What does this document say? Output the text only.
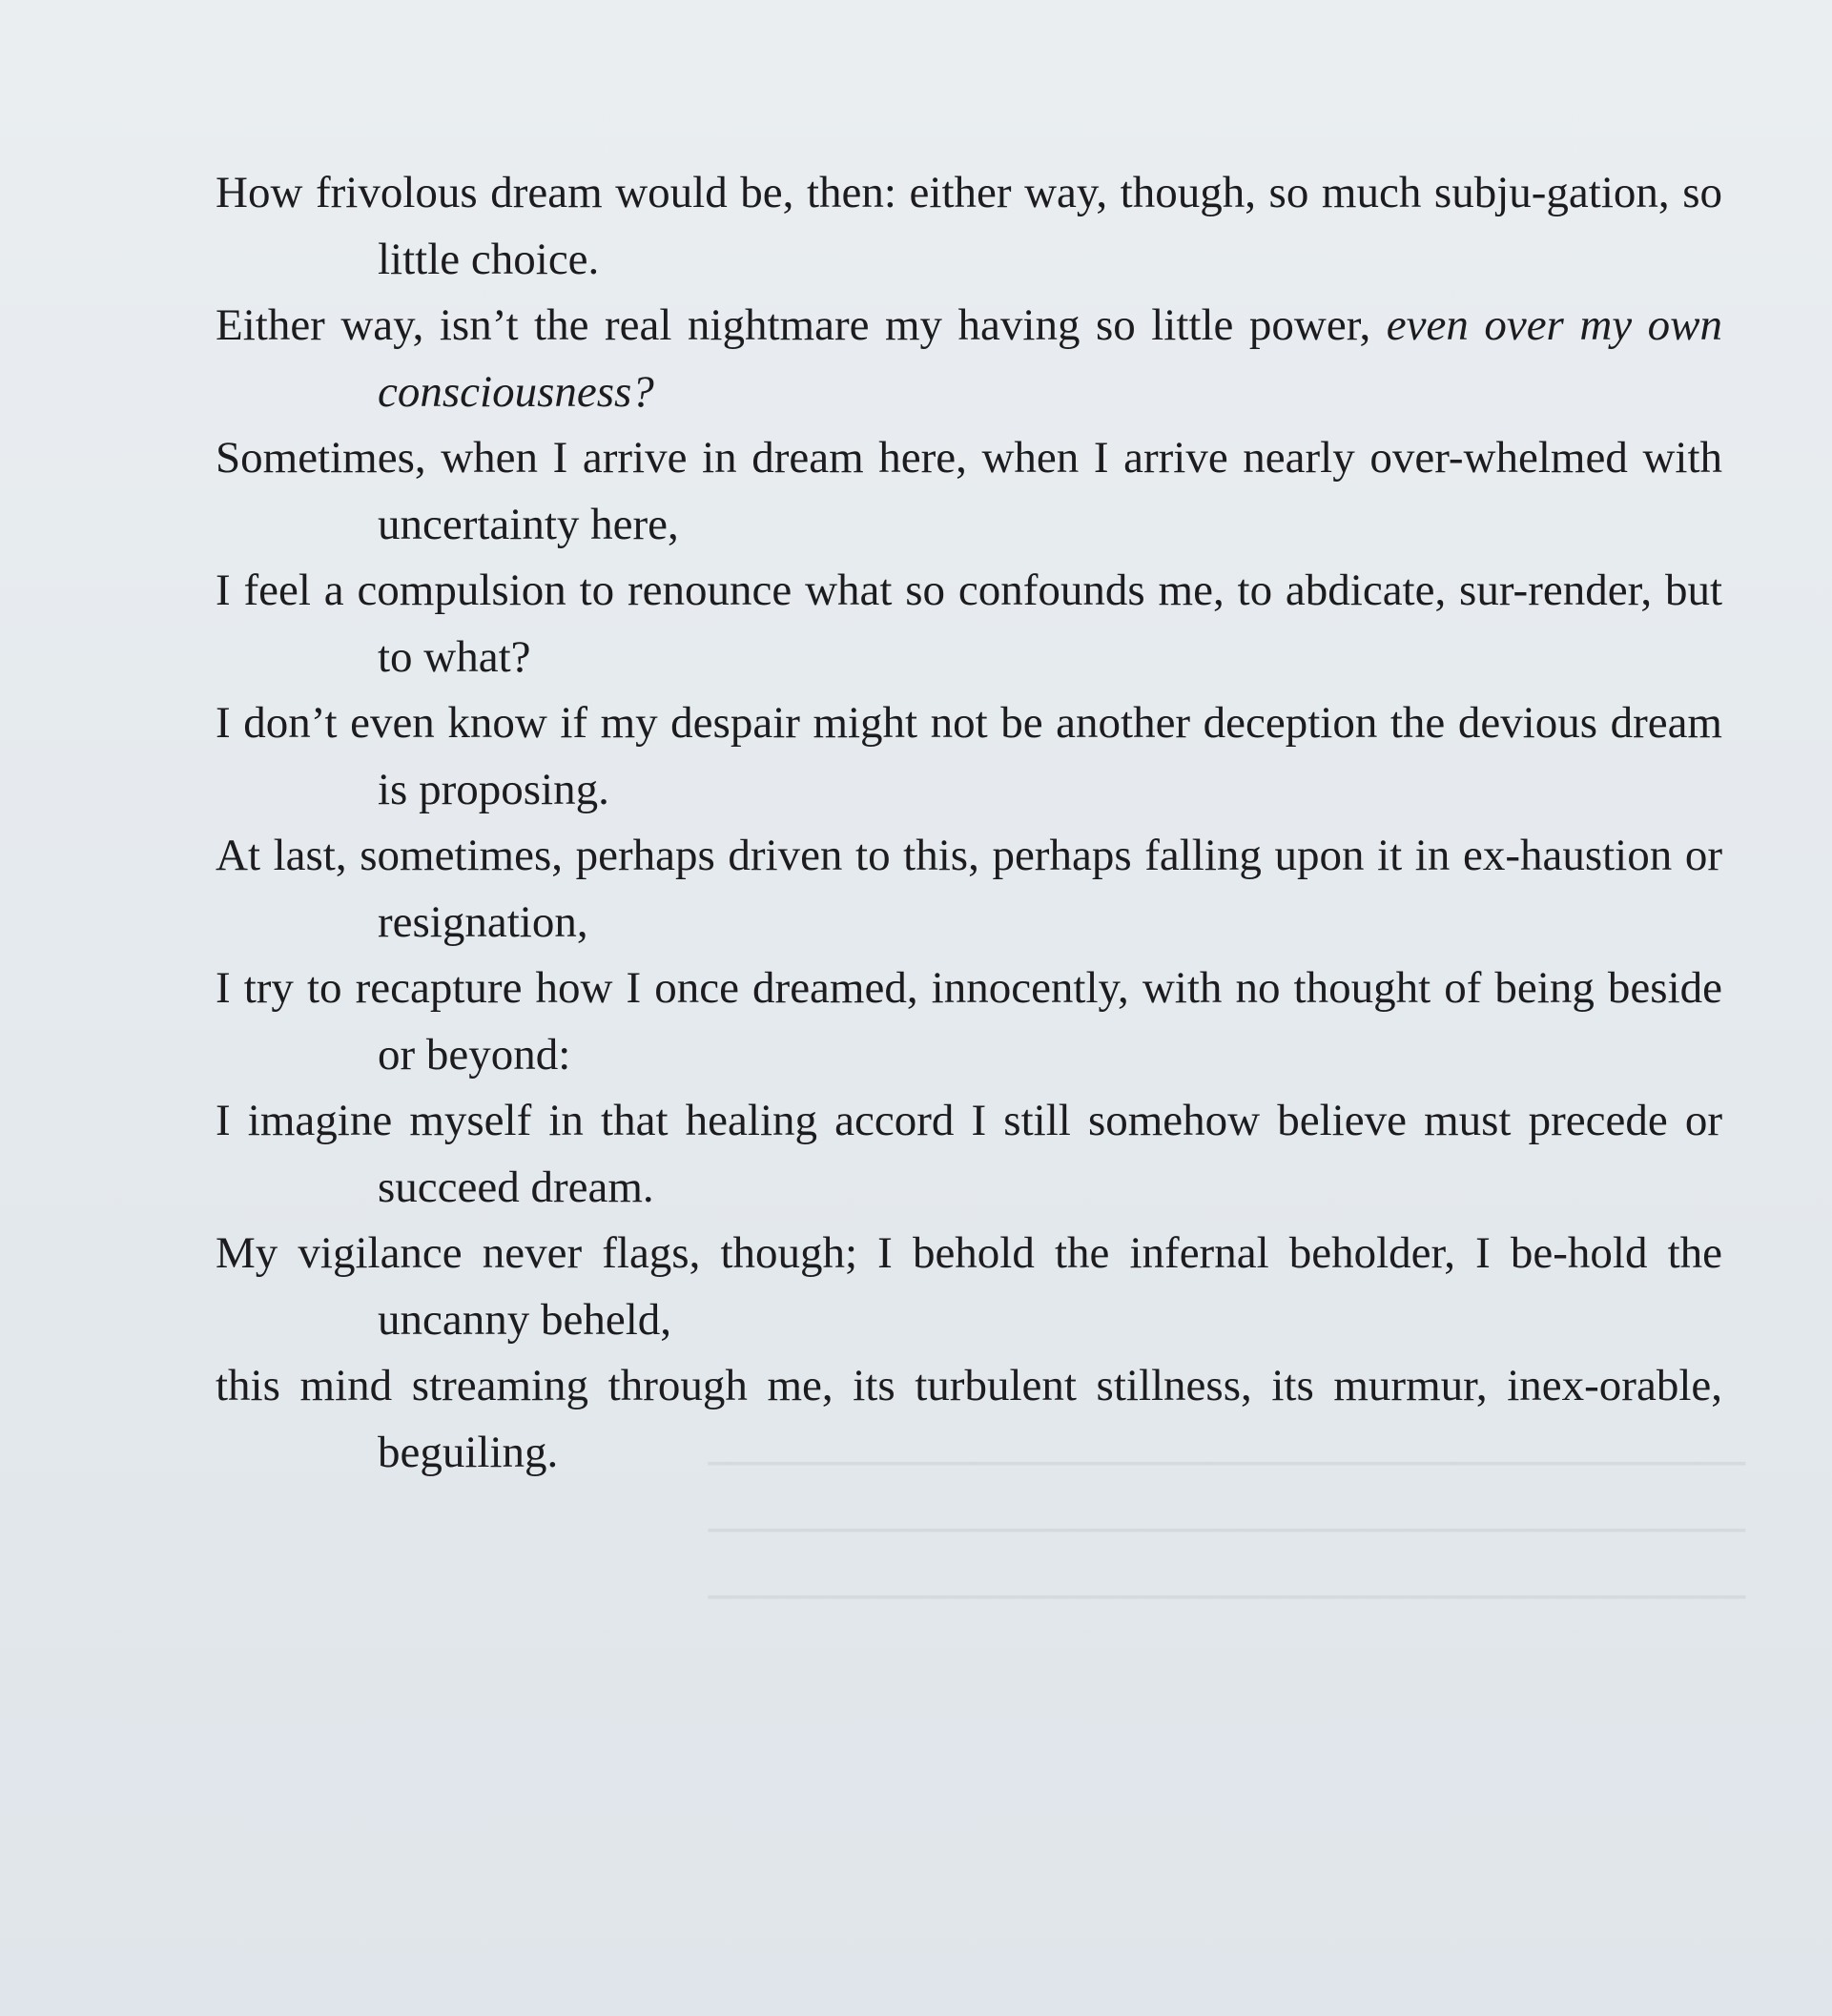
───────────────────────────────────────────
───────────────────────────────────────────
───────────────────────────────────────────

How frivolous dream would be, then: either way, though, so much subju-gation, so little choice.

Either way, isn’t the real nightmare my having so little power, even over my own consciousness?

Sometimes, when I arrive in dream here, when I arrive nearly over-whelmed with uncertainty here,

I feel a compulsion to renounce what so confounds me, to abdicate, sur-render, but to what?

I don’t even know if my despair might not be another deception the devious dream is proposing.

At last, sometimes, perhaps driven to this, perhaps falling upon it in ex-haustion or resignation,

I try to recapture how I once dreamed, innocently, with no thought of being beside or beyond:

I imagine myself in that healing accord I still somehow believe must precede or succeed dream.

My vigilance never flags, though; I behold the infernal beholder, I be-hold the uncanny beheld,

this mind streaming through me, its turbulent stillness, its murmur, inex-orable, beguiling.
